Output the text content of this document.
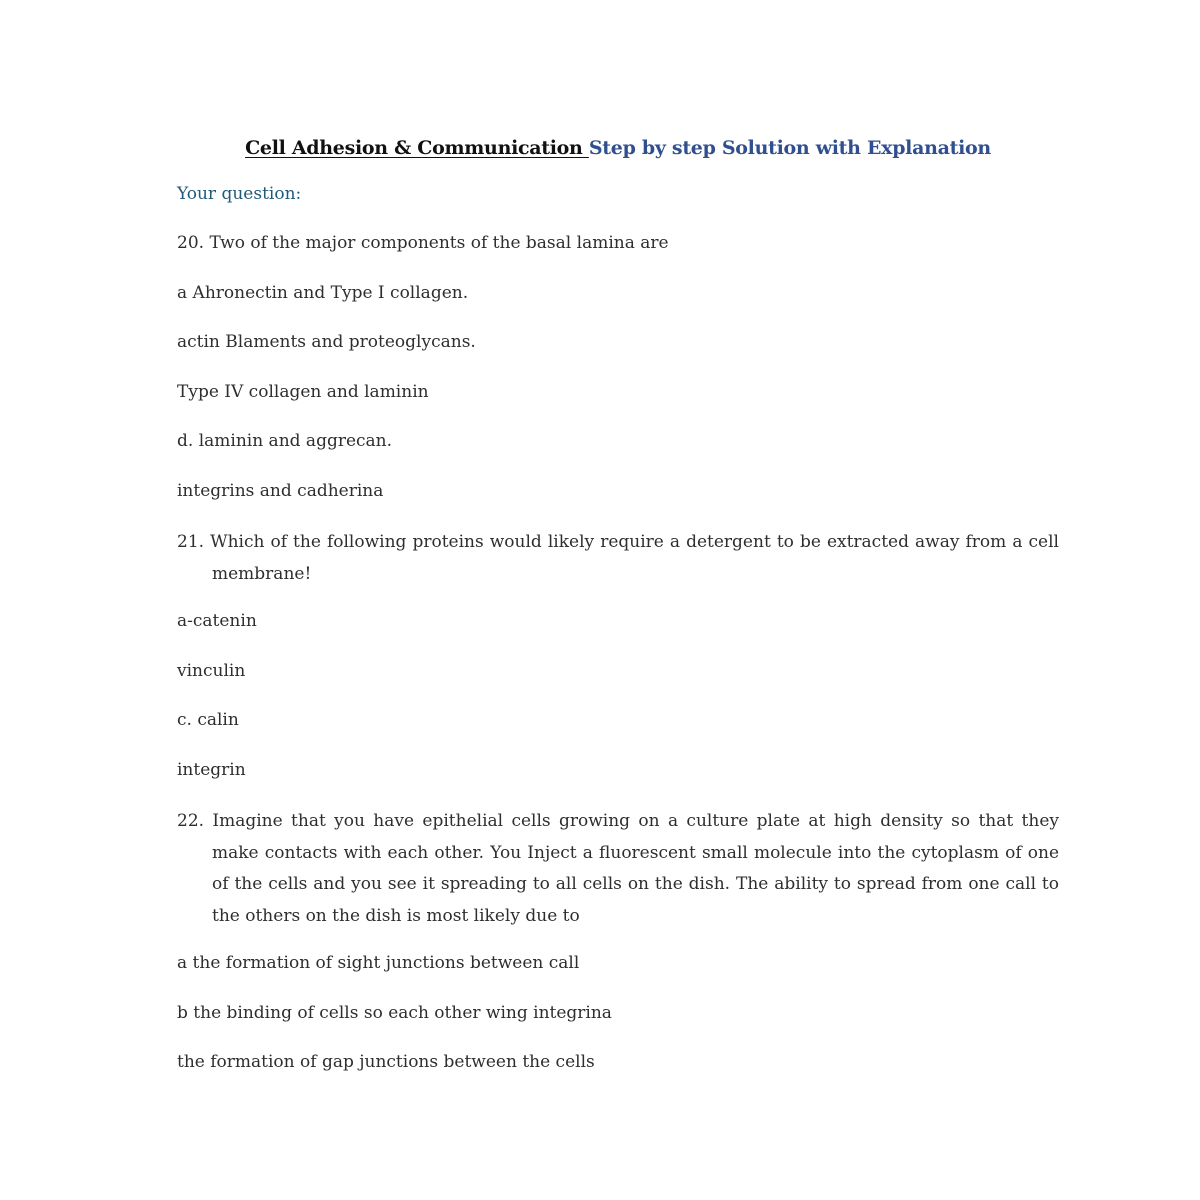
Cell Adhesion & Communication Step by step Solution with Explanation
Your question:
20. Two of the major components of the basal lamina are
a Ahronectin and Type I collagen.
actin Blaments and proteoglycans.
Type IV collagen and laminin
d. laminin and aggrecan.
integrins and cadherina
21. Which of the following proteins would likely require a detergent to be extracted away from a cell membrane!
a-catenin
vinculin
c. calin
integrin
22. Imagine that you have epithelial cells growing on a culture plate at high density so that they make contacts with each other. You Inject a fluorescent small molecule into the cytoplasm of one of the cells and you see it spreading to all cells on the dish. The ability to spread from one call to the others on the dish is most likely due to
a the formation of sight junctions between call
b the binding of cells so each other wing integrina
the formation of gap junctions between the cells
